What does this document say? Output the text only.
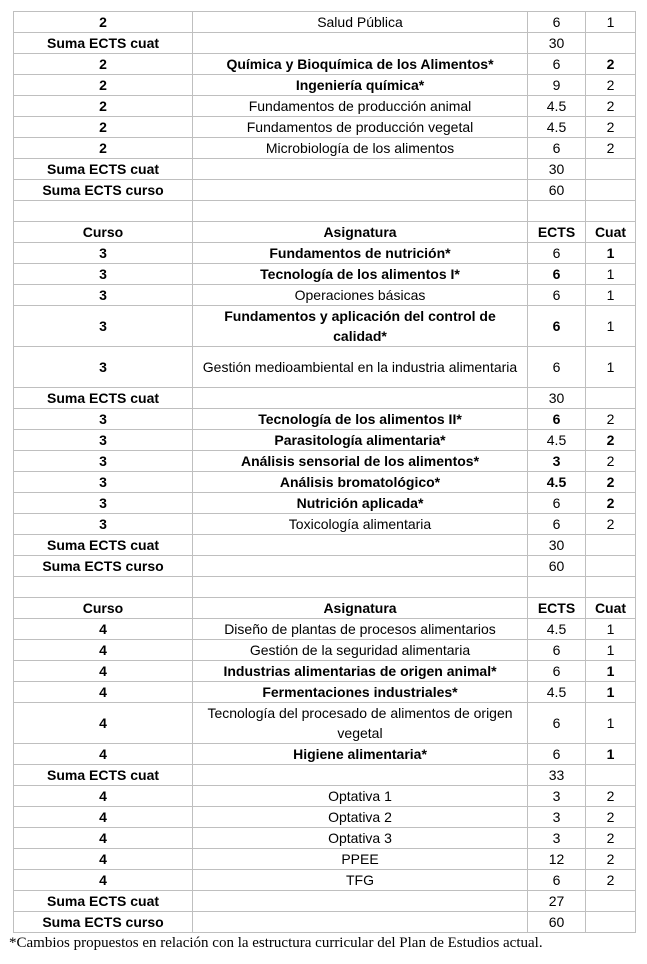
2	Salud Pública	6	1
Suma ECTS cuat		30	
2	Química y Bioquímica de los Alimentos*	6	2
2	Ingeniería química*	9	2
2	Fundamentos de producción animal	4.5	2
2	Fundamentos de producción vegetal	4.5	2
2	Microbiología de los alimentos	6	2
Suma ECTS cuat		30	
Suma ECTS curso		60	

Curso	Asignatura	ECTS	Cuat
3	Fundamentos de nutrición*	6	1
3	Tecnología de los alimentos I*	6	1
3	Operaciones básicas	6	1
3	Fundamentos y aplicación del control de calidad*	6	1
3	Gestión medioambiental en la industria alimentaria	6	1
Suma ECTS cuat		30	
3	Tecnología de los alimentos II*	6	2
3	Parasitología alimentaria*	4.5	2
3	Análisis sensorial de los alimentos*	3	2
3	Análisis bromatológico*	4.5	2
3	Nutrición aplicada*	6	2
3	Toxicología alimentaria	6	2
Suma ECTS cuat		30	
Suma ECTS curso		60	

Curso	Asignatura	ECTS	Cuat
4	Diseño de plantas de procesos alimentarios	4.5	1
4	Gestión de la seguridad alimentaria	6	1
4	Industrias alimentarias de origen animal*	6	1
4	Fermentaciones industriales*	4.5	1
4	Tecnología del procesado de alimentos de origen vegetal	6	1
4	Higiene alimentaria*	6	1
Suma ECTS cuat		33	
4	Optativa 1	3	2
4	Optativa 2	3	2
4	Optativa 3	3	2
4	PPEE	12	2
4	TFG	6	2
Suma ECTS cuat		27	
Suma ECTS curso		60	
*Cambios propuestos en relación con la estructura curricular del Plan de Estudios actual.
